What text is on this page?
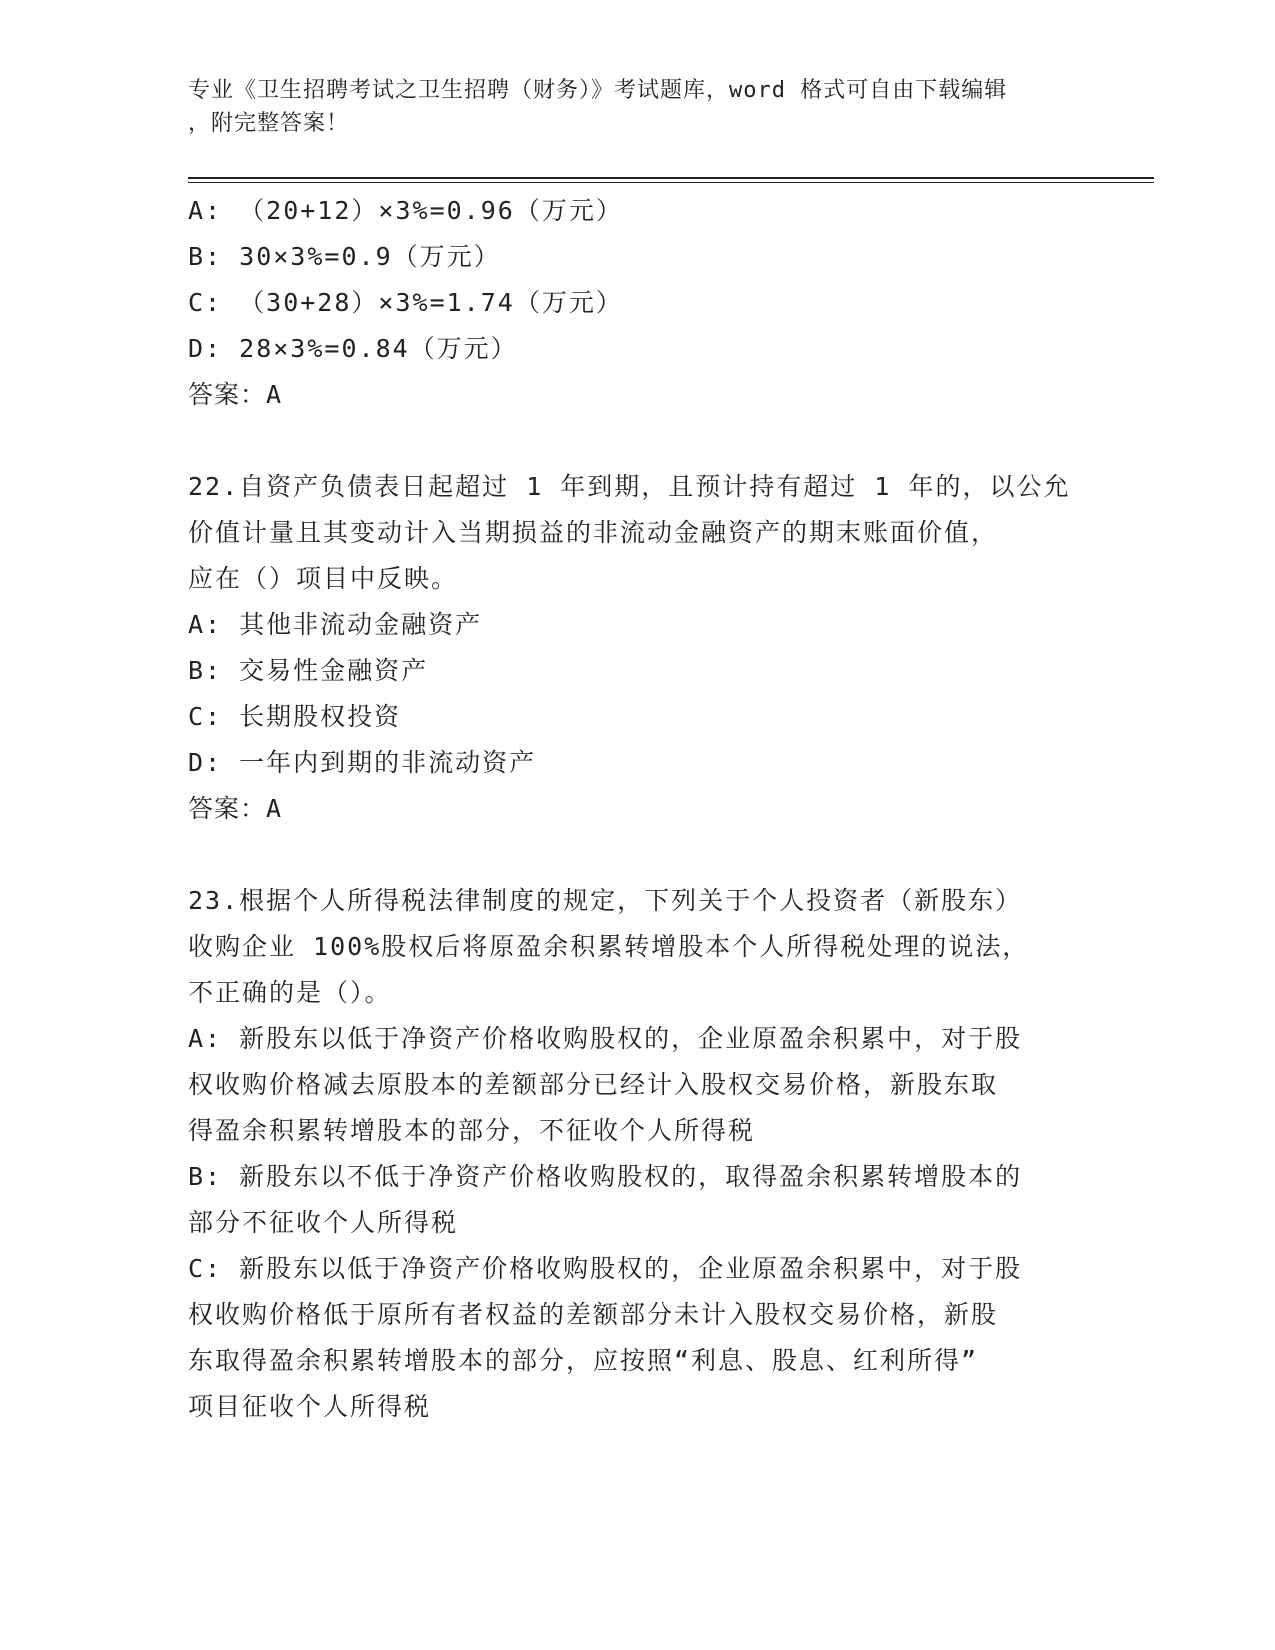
专业《卫生招聘考试之卫生招聘（财务）》考试题库，word 格式可自由下载编辑
，附完整答案！
A: （20+12）×3%=0.96（万元）
B: 30×3%=0.9（万元）
C: （30+28）×3%=1.74（万元）
D: 28×3%=0.84（万元）
答案：A
22.自资产负债表日起超过 1 年到期，且预计持有超过 1 年的，以公允
价值计量且其变动计入当期损益的非流动金融资产的期末账面价值，
应在（）项目中反映。
A: 其他非流动金融资产
B: 交易性金融资产
C: 长期股权投资
D: 一年内到期的非流动资产
答案：A
23.根据个人所得税法律制度的规定，下列关于个人投资者（新股东）
收购企业 100%股权后将原盈余积累转增股本个人所得税处理的说法，
不正确的是（）。
A: 新股东以低于净资产价格收购股权的，企业原盈余积累中，对于股
权收购价格减去原股本的差额部分已经计入股权交易价格，新股东取
得盈余积累转增股本的部分，不征收个人所得税
B: 新股东以不低于净资产价格收购股权的，取得盈余积累转增股本的
部分不征收个人所得税
C: 新股东以低于净资产价格收购股权的，企业原盈余积累中，对于股
权收购价格低于原所有者权益的差额部分未计入股权交易价格，新股
东取得盈余积累转增股本的部分，应按照“利息、股息、红利所得”
项目征收个人所得税
